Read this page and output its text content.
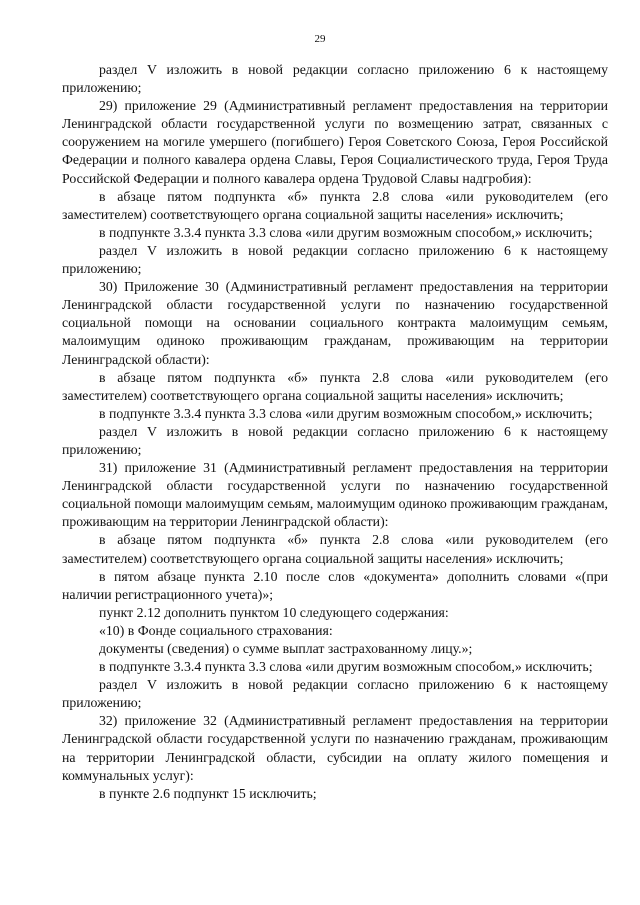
29

раздел V изложить в новой редакции согласно приложению 6 к настоящему приложению;

29) приложение 29 (Административный регламент предоставления на территории Ленинградской области государственной услуги по возмещению затрат, связанных с сооружением на могиле умершего (погибшего) Героя Советского Союза, Героя Российской Федерации и полного кавалера ордена Славы, Героя Социалистического труда, Героя Труда Российской Федерации и полного кавалера ордена Трудовой Славы надгробия):

в абзаце пятом подпункта «б» пункта 2.8 слова «или руководителем (его заместителем) соответствующего органа социальной защиты населения» исключить;

в подпункте 3.3.4 пункта 3.3 слова «или другим возможным способом,» исключить;

раздел V изложить в новой редакции согласно приложению 6 к настоящему приложению;

30) Приложение 30 (Административный регламент предоставления на территории Ленинградской области государственной услуги по назначению государственной социальной помощи на основании социального контракта малоимущим семьям, малоимущим одиноко проживающим гражданам, проживающим на территории Ленинградской области):

в абзаце пятом подпункта «б» пункта 2.8 слова «или руководителем (его заместителем) соответствующего органа социальной защиты населения» исключить;

в подпункте 3.3.4 пункта 3.3 слова «или другим возможным способом,» исключить;

раздел V изложить в новой редакции согласно приложению 6 к настоящему приложению;

31) приложение 31 (Административный регламент предоставления на территории Ленинградской области государственной услуги по назначению государственной социальной помощи малоимущим семьям, малоимущим одиноко проживающим гражданам, проживающим на территории Ленинградской области):

в абзаце пятом подпункта «б» пункта 2.8 слова «или руководителем (его заместителем) соответствующего органа социальной защиты населения» исключить;

в пятом абзаце пункта 2.10 после слов «документа» дополнить словами «(при наличии регистрационного учета)»;

пункт 2.12 дополнить пунктом 10 следующего содержания:

«10) в Фонде социального страхования:

документы (сведения) о сумме выплат застрахованному лицу.»;

в подпункте 3.3.4 пункта 3.3 слова «или другим возможным способом,» исключить;

раздел V изложить в новой редакции согласно приложению 6 к настоящему приложению;

32) приложение 32 (Административный регламент предоставления на территории Ленинградской области государственной услуги по назначению гражданам, проживающим на территории Ленинградской области, субсидии на оплату жилого помещения и коммунальных услуг):

в пункте 2.6 подпункт 15 исключить;
